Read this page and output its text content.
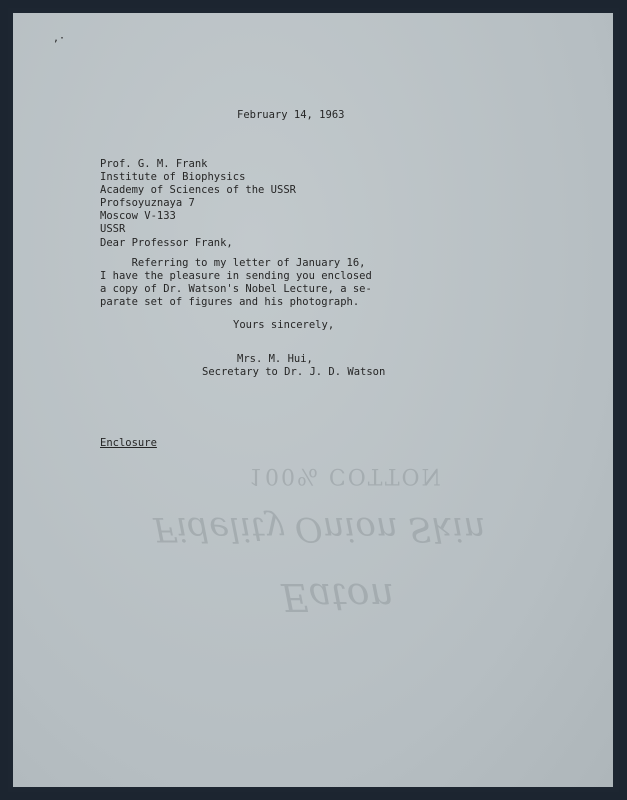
100% COTTON
Fidelity Onion Skin
Eaton
,·
February 14, 1963
Prof. G. M. Frank
Institute of Biophysics
Academy of Sciences of the USSR
Profsoyuznaya 7
Moscow V-133
USSR
Dear Professor Frank,
Referring to my letter of January 16,
I have the pleasure in sending you enclosed
a copy of Dr. Watson's Nobel Lecture, a se-
parate set of figures and his photograph.
Yours sincerely,
Mrs. M. Hui,
Secretary to Dr. J. D. Watson
Enclosure
